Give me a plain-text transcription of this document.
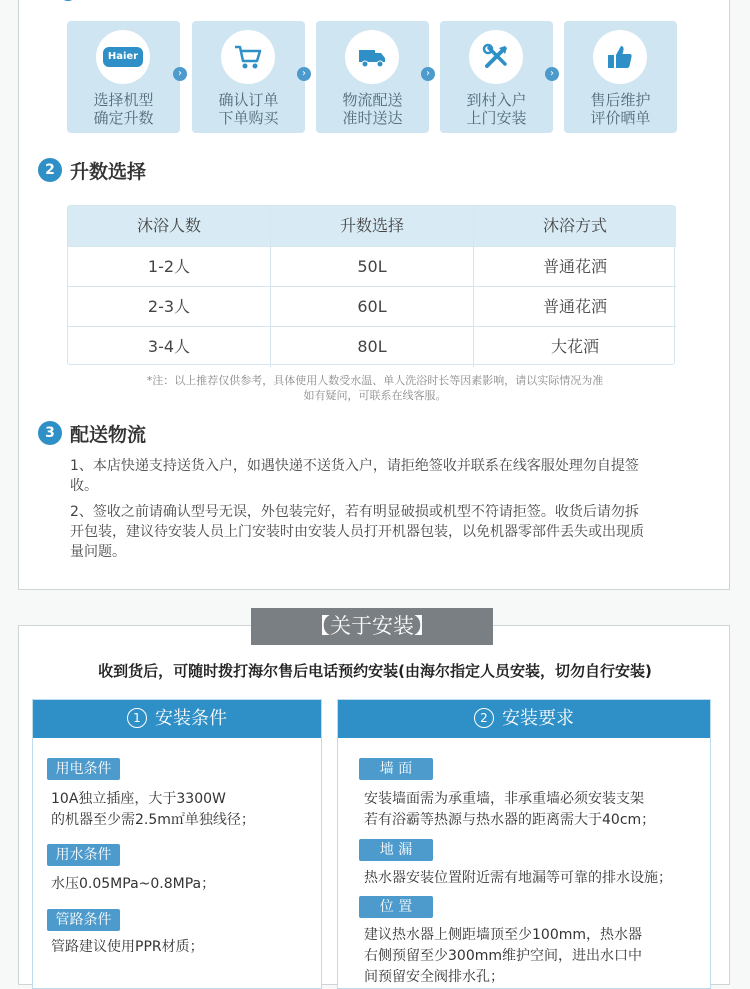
Haier
选择机型
确定升数
›
确认订单
下单购买
›
物流配送
准时送达
›
到村入户
上门安装
›
售后维护
评价晒单
2 升数选择
沐浴人数	升数选择	沐浴方式
1-2人	50L	普通花洒
2-3人	60L	普通花洒
3-4人	80L	大花洒
*注：以上推荐仅供参考，具体使用人数受水温、单人洗浴时长等因素影响，请以实际情况为准
如有疑问，可联系在线客服。
3 配送物流
1、本店快递支持送货入户，如遇快递不送货入户，请拒绝签收并联系在线客服处理勿自提签收。
2、签收之前请确认型号无误，外包装完好，若有明显破损或机型不符请拒签。收货后请勿拆开包装，建议待安装人员上门安装时由安装人员打开机器包装，以免机器零部件丢失或出现质量问题。
【关于安装】
收到货后，可随时拨打海尔售后电话预约安装(由海尔指定人员安装，切勿自行安装)
1 安装条件
用电条件
10A独立插座，大于3300W
的机器至少需2.5m㎡单独线径；
用水条件
水压0.05MPa~0.8MPa；
管路条件
管路建议使用PPR材质；
2 安装要求
墙 面
安装墙面需为承重墙，非承重墙必须安装支架
若有浴霸等热源与热水器的距离需大于40cm；
地 漏
热水器安装位置附近需有地漏等可靠的排水设施；
位 置
建议热水器上侧距墙顶至少100mm，热水器
右侧预留至少300mm维护空间，进出水口中
间预留安全阀排水孔；
